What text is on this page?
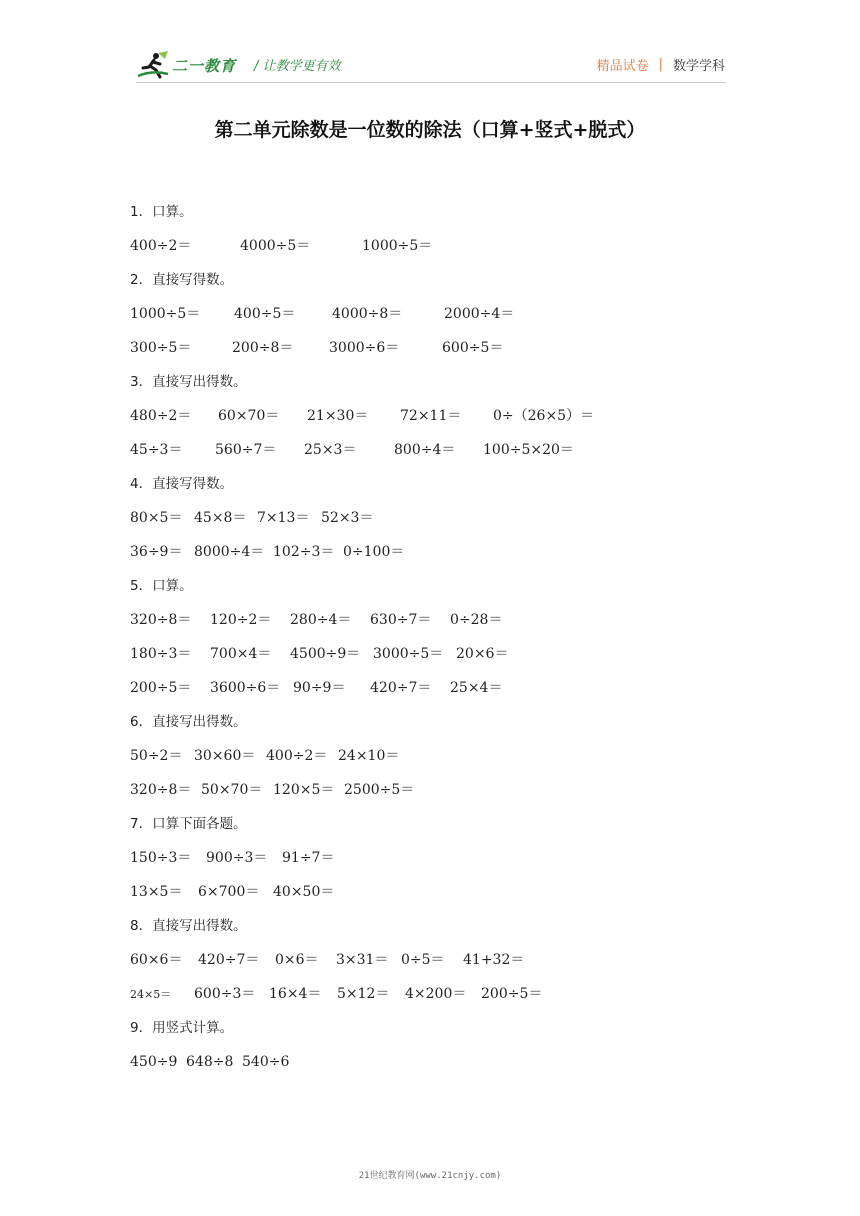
二一教育 / 让教学更有效	精品试卷 | 数学学科
第二单元除数是一位数的除法（口算+竖式+脱式）
1．口算。
400÷2＝	4000÷5＝	1000÷5＝
2．直接写得数。
1000÷5＝ 400÷5＝	4000÷8＝	2000÷4＝
300÷5＝	200÷8＝	3000÷6＝	600÷5＝
3．直接写出得数。
480÷2＝ 60×70＝ 21×30＝ 72×11＝ 0÷（26×5）＝
45÷3＝ 560÷7＝ 25×3＝	800÷4＝ 100÷5×20＝
4．直接写得数。
80×5＝ 45×8＝ 7×13＝ 52×3＝
36÷9＝ 8000÷4＝ 102÷3＝ 0÷100＝
5．口算。
320÷8＝ 120÷2＝ 280÷4＝ 630÷7＝ 0÷28＝
180÷3＝ 700×4＝ 4500÷9＝ 3000÷5＝ 20×6＝
200÷5＝ 3600÷6＝ 90÷9＝ 420÷7＝ 25×4＝
6．直接写出得数。
50÷2＝ 30×60＝ 400÷2＝ 24×10＝
320÷8＝ 50×70＝ 120×5＝ 2500÷5＝
7．口算下面各题。
150÷3＝ 900÷3＝ 91÷7＝
13×5＝ 6×700＝ 40×50＝
8．直接写出得数。
60×6＝ 420÷7＝ 0×6＝ 3×31＝ 0÷5＝ 41+32＝
24×5＝ 600÷3＝ 16×4＝ 5×12＝ 4×200＝ 200÷5＝
9．用竖式计算。
450÷9 648÷8 540÷6
21世纪教育网(www.21cnjy.com)
